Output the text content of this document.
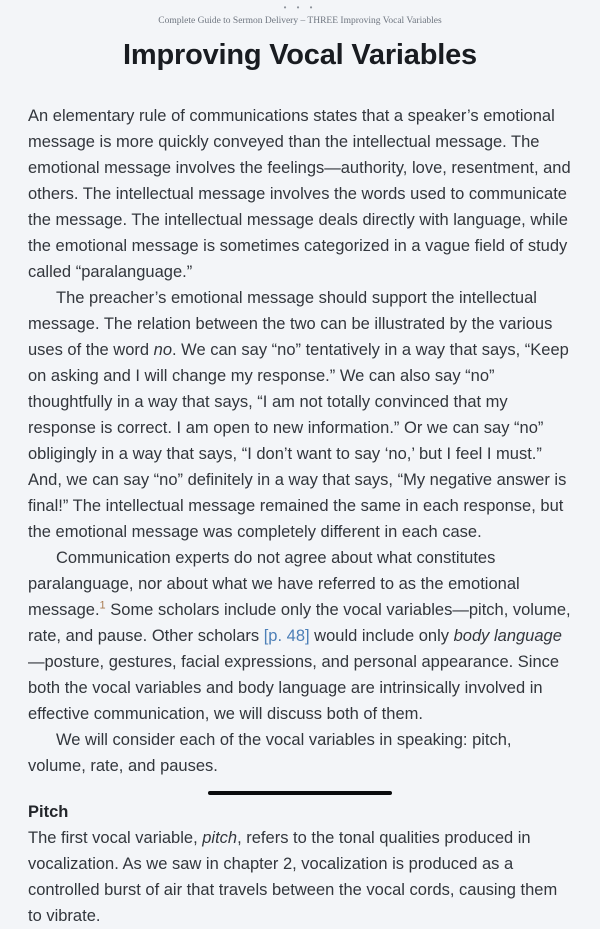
• • •
Complete Guide to Sermon Delivery – THREE Improving Vocal Variables
Improving Vocal Variables

An elementary rule of communications states that a speaker’s emotional message is more quickly conveyed than the intellectual message. The emotional message involves the feelings—authority, love, resentment, and others. The intellectual message involves the words used to communicate the message. The intellectual message deals directly with language, while the emotional message is sometimes categorized in a vague field of study called “paralanguage.”

The preacher’s emotional message should support the intellectual message. The relation between the two can be illustrated by the various uses of the word no. We can say “no” tentatively in a way that says, “Keep on asking and I will change my response.” We can also say “no” thoughtfully in a way that says, “I am not totally convinced that my response is correct. I am open to new information.” Or we can say “no” obligingly in a way that says, “I don’t want to say ‘no,’ but I feel I must.” And, we can say “no” definitely in a way that says, “My negative answer is final!” The intellectual message remained the same in each response, but the emotional message was completely different in each case.

Communication experts do not agree about what constitutes paralanguage, nor about what we have referred to as the emotional message.$^1$ Some scholars include only the vocal variables—pitch, volume, rate, and pause. Other scholars [p. 48] would include only body language—posture, gestures, facial expressions, and personal appearance. Since both the vocal variables and body language are intrinsically involved in effective communication, we will discuss both of them.

We will consider each of the vocal variables in speaking: pitch, volume, rate, and pauses.

Pitch

The first vocal variable, pitch, refers to the tonal qualities produced in vocalization. As we saw in chapter 2, vocalization is produced as a controlled burst of air that travels between the vocal cords, causing them to vibrate.
